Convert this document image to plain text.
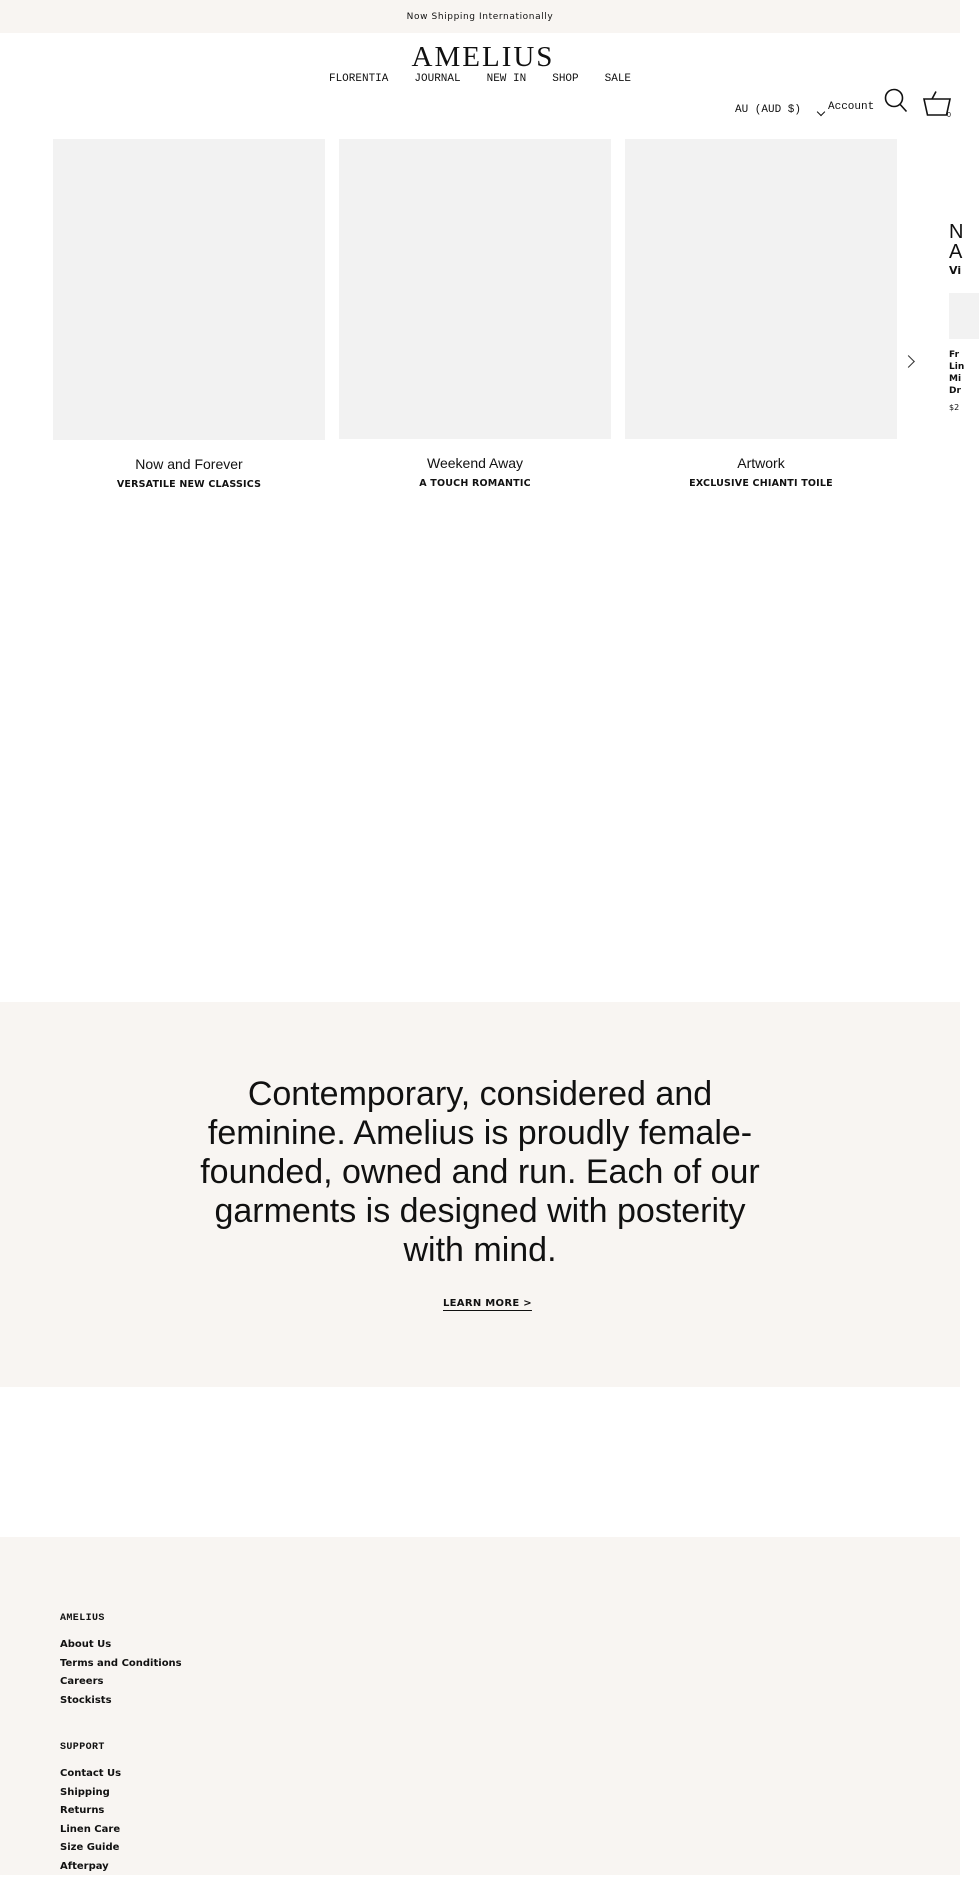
Now Shipping Internationally
AMELIUS
FLORENTIA JOURNAL NEW IN SHOP SALE
AU (AUD $)	Account
0
Now and Forever
VERSATILE NEW CLASSICS
Weekend Away
A TOUCH ROMANTIC
Artwork
EXCLUSIVE CHIANTI TOILE
N
A
Vi
Fr
Lin
Mi
Dr
$2
Contemporary, considered and feminine. Amelius is proudly female-founded, owned and run. Each of our garments is designed with posterity with mind.
LEARN MORE >
AMELIUS
About Us
Terms and Conditions
Careers
Stockists
SUPPORT
Contact Us
Shipping
Returns
Linen Care
Size Guide
Afterpay
